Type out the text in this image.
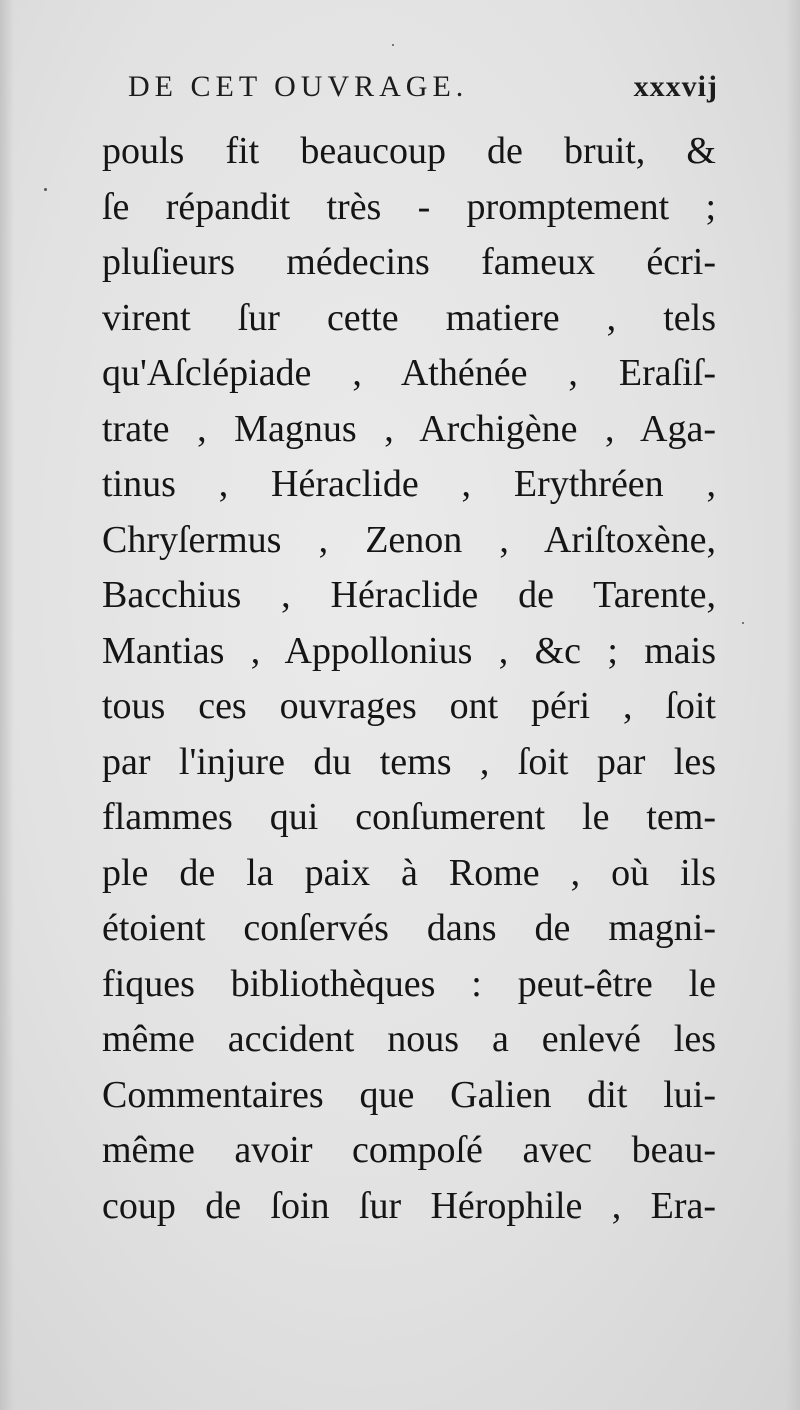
DE CET OUVRAGE.	xxxvij
pouls fit beaucoup de bruit, &
ſe répandit très - promptement ;
pluſieurs médecins fameux écri-
virent ſur cette matiere , tels
qu'Aſclépiade , Athénée , Eraſiſ-
trate , Magnus , Archigène , Aga-
tinus , Héraclide , Erythréen ,
Chryſermus , Zenon , Ariſtoxène,
Bacchius , Héraclide de Tarente,
Mantias , Appollonius , &c ; mais
tous ces ouvrages ont péri , ſoit
par l'injure du tems , ſoit par les
flammes qui conſumerent le tem-
ple de la paix à Rome , où ils
étoient conſervés dans de magni-
fiques bibliothèques : peut-être le
même accident nous a enlevé les
Commentaires que Galien dit lui-
même avoir compoſé avec beau-
coup de ſoin ſur Hérophile , Era-
